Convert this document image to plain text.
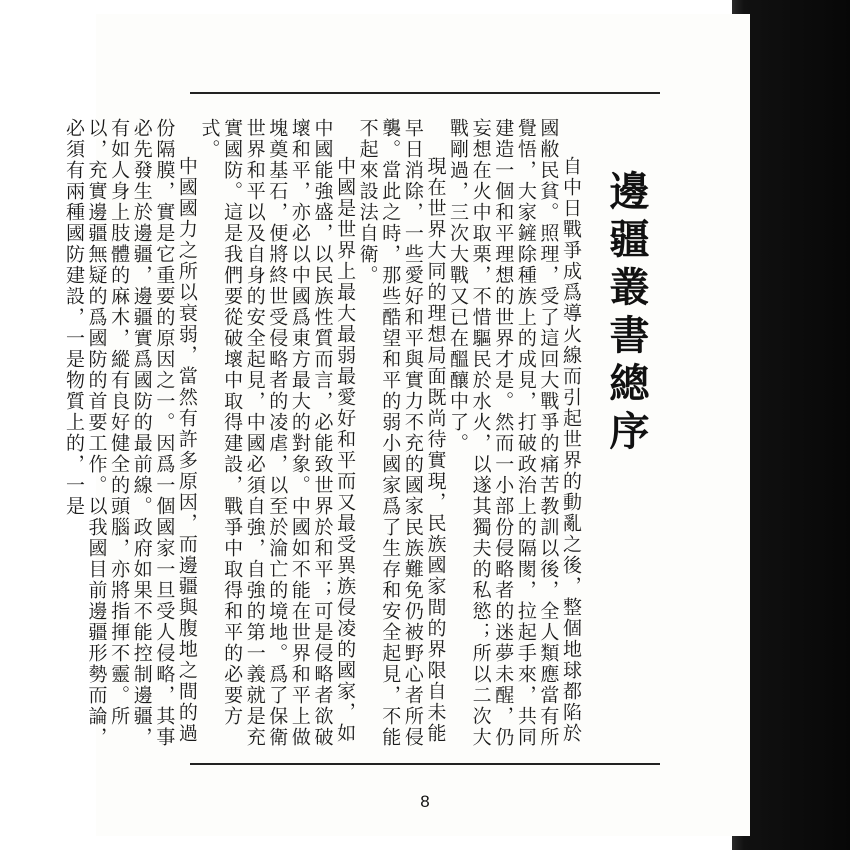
邊疆叢書總序

自中日戰爭成爲導火線而引起世界的動亂之後，整個地球都陷於國敝民貧。照理，受了這回大戰爭的痛苦教訓以後，全人類應當有所覺悟，大家鏟除種族上的成見，打破政治上的隔閡，拉起手來，共同建造一個和平理想的世界才是。然而一小部份侵略者的迷夢未醒，仍妄想在火中取栗，不惜驅民於水火，以遂其獨夫的私慾；所以二次大戰剛過，三次大戰又已在醞釀中了。

現在世界大同的理想局面既尚待實現，民族國家間的界限自未能早日消除，一些愛好和平與實力不充的國家民族難免仍被野心者所侵襲。當此之時，那些酷望和平的弱小國家爲了生存和安全起見，不能不起來設法自衛。

中國是世界上最大最弱最愛好和平而又最受異族侵凌的國家，如中國能強盛，以民族性質而言，必能致世界於和平；可是侵略者欲破壞和平，亦必以中國爲東方最大的對象。中國如不能在世界和平上做塊奠基石，便將終世受侵略者的凌虐，以至於淪亡的境地。爲了保衛世界和平以及自身的安全起見，中國必須自強，自強的第一義就是充實國防。這是我們要從破壞中取得建設，戰爭中取得和平的必要方式。

中國國力之所以衰弱，當然有許多原因，而邊疆與腹地之間的過份隔膜，實是它重要的原因之一。因爲一個國家一旦受人侵略，其事必先發生於邊疆，邊疆實爲國防的最前線。政府如果不能控制邊疆，有如人身上肢體的麻木，縱有良好健全的頭腦，亦將指揮不靈。所以，充實邊疆無疑的爲國防的首要工作。以我國目前邊疆形勢而論，必須有兩種國防建設，一是物質上的，一是

8
